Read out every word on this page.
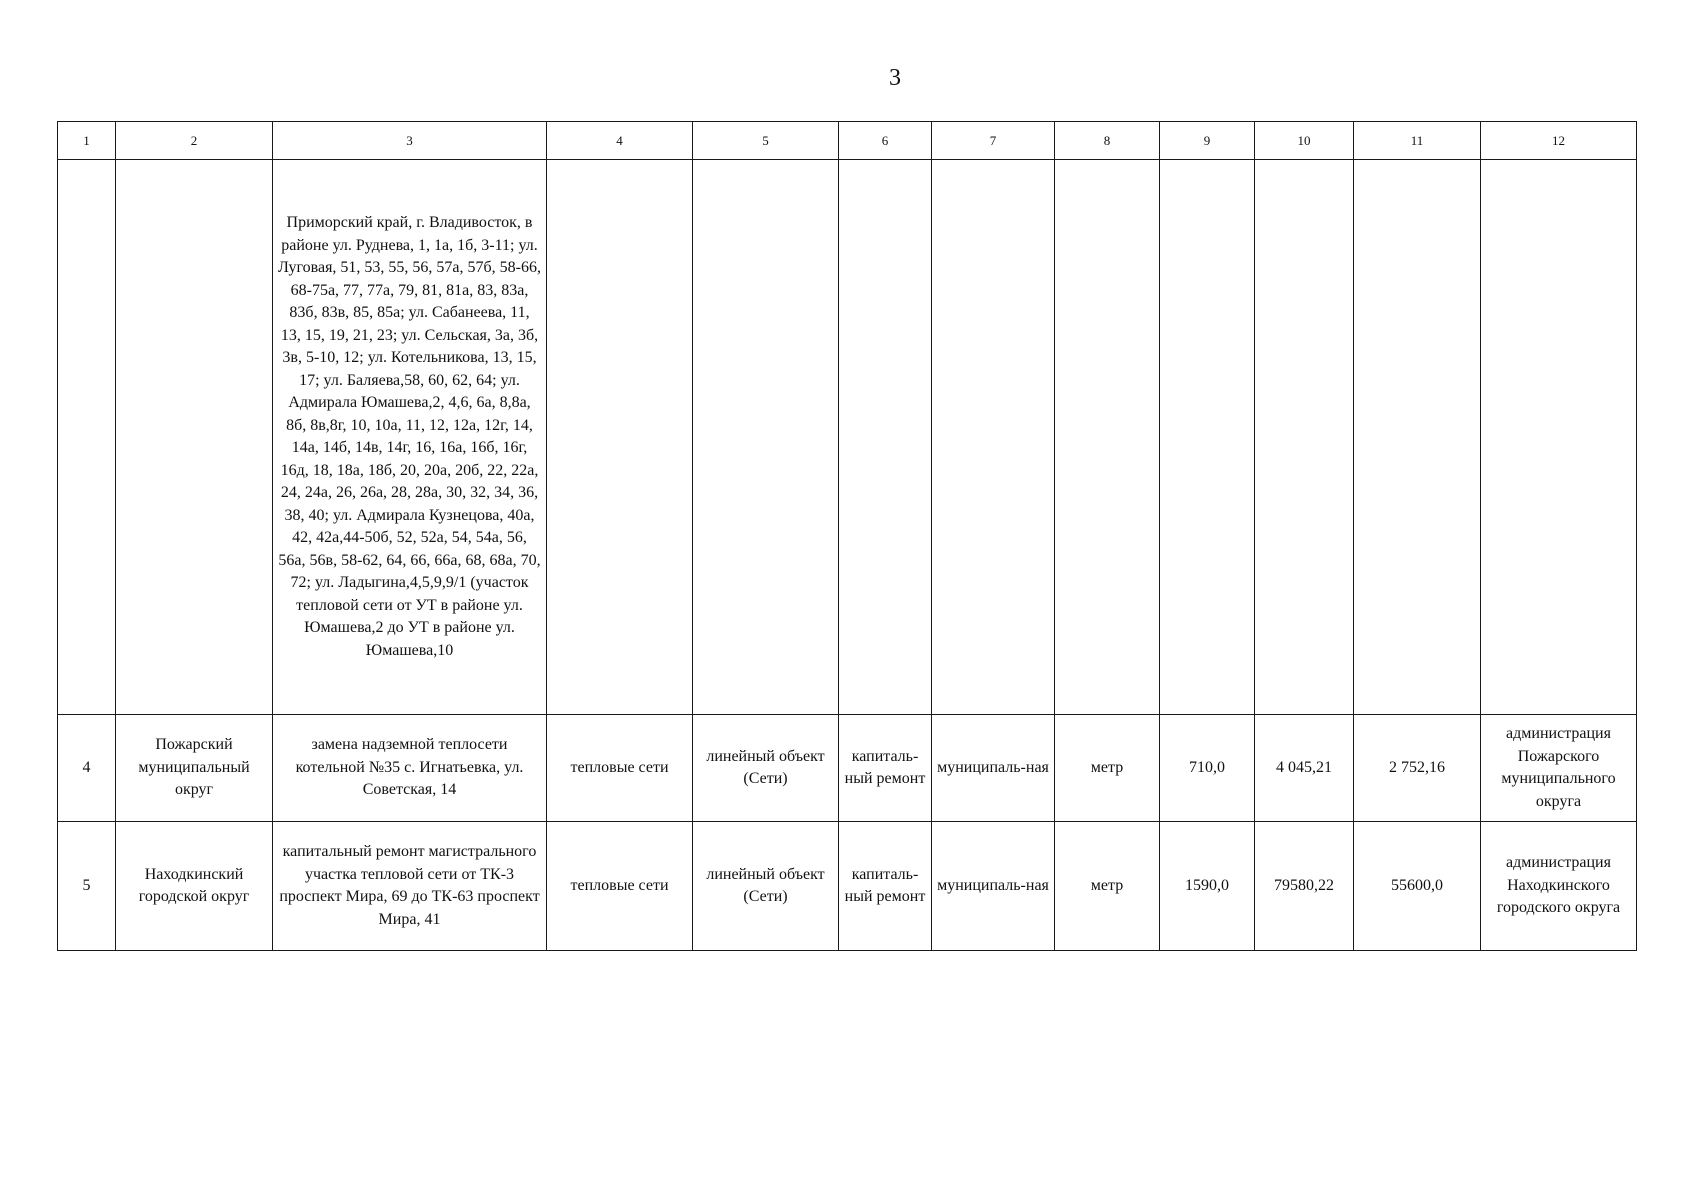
3
1	2	3	4	5	6	7	8	9	10	11	12
		Приморский край, г. Владивосток, в районе ул. Руднева, 1, 1а, 1б, 3-11; ул. Луговая, 51, 53, 55, 56, 57а, 57б, 58-66, 68-75а, 77, 77а, 79, 81, 81а, 83, 83а, 83б, 83в, 85, 85а; ул. Сабанеева, 11, 13, 15, 19, 21, 23; ул. Сельская, 3а, 3б, 3в, 5-10, 12; ул. Котельникова, 13, 15, 17; ул. Баляева,58, 60, 62, 64; ул. Адмирала Юмашева,2, 4,6, 6а, 8,8а, 8б, 8в,8г, 10, 10а, 11, 12, 12а, 12г, 14, 14а, 14б, 14в, 14г, 16, 16а, 16б, 16г, 16д, 18, 18а, 18б, 20, 20а, 20б, 22, 22а, 24, 24а, 26, 26а, 28, 28а, 30, 32, 34, 36, 38, 40; ул. Адмирала Кузнецова, 40а, 42, 42а,44-50б, 52, 52а, 54, 54а, 56, 56а, 56в, 58-62, 64, 66, 66а, 68, 68а, 70, 72; ул. Ладыгина,4,5,9,9/1 (участок тепловой сети от УТ в районе ул. Юмашева,2 до УТ в районе ул. Юмашева,10									
4	Пожарский муниципальный округ	замена надземной теплосети котельной №35 с. Игнатьевка, ул. Советская, 14	тепловые сети	линейный объект (Сети)	капиталь-ный ремонт	муниципаль-ная	метр	710,0	4 045,21	2 752,16	администрация Пожарского муниципального округа
5	Находкинский городской округ	капитальный ремонт магистрального участка тепловой сети от ТК-3 проспект Мира, 69 до ТК-63 проспект Мира, 41	тепловые сети	линейный объект (Сети)	капиталь-ный ремонт	муниципаль-ная	метр	1590,0	79580,22	55600,0	администрация Находкинского городского округа
